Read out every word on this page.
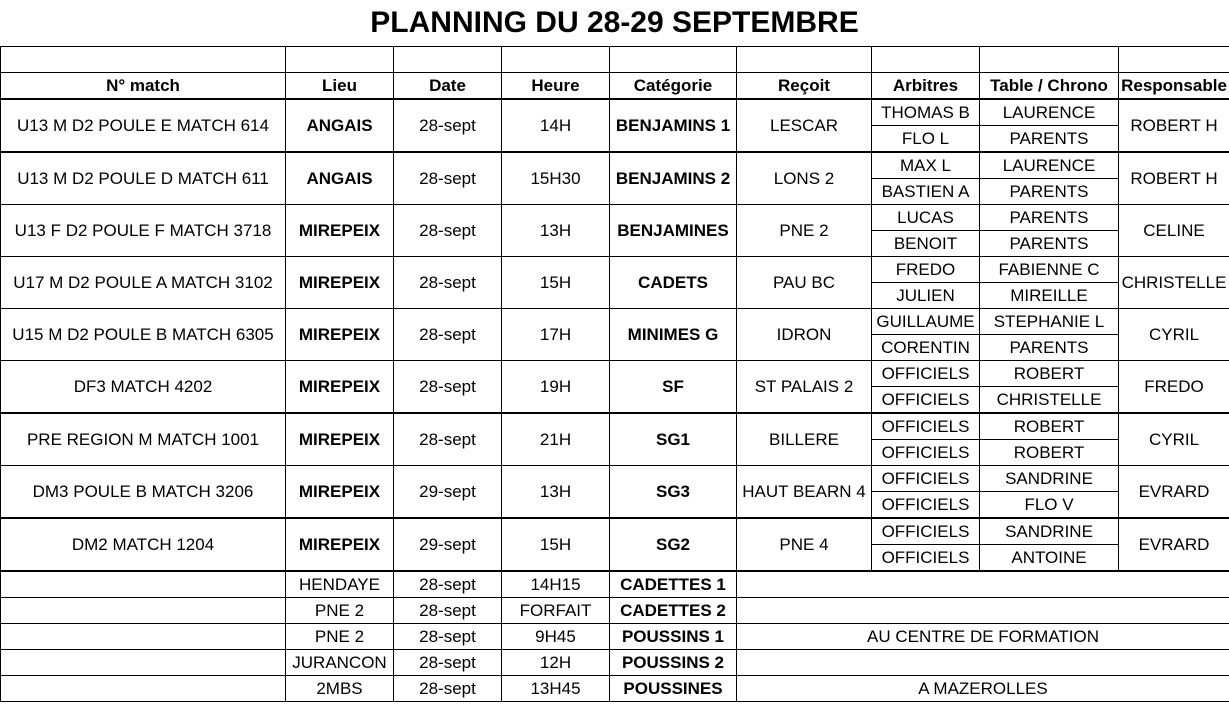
PLANNING DU 28-29 SEPTEMBRE

N° match	Lieu	Date	Heure	Catégorie	Reçoit	Arbitres	Table / Chrono	Responsable
U13 M D2 POULE E MATCH 614	ANGAIS	28-sept	14H	BENJAMINS 1	LESCAR	THOMAS B	LAURENCE	ROBERT H
						FLO L	PARENTS	
U13 M D2 POULE D MATCH 611	ANGAIS	28-sept	15H30	BENJAMINS 2	LONS 2	MAX L	LAURENCE	ROBERT H
						BASTIEN A	PARENTS	
U13 F D2 POULE F MATCH 3718	MIREPEIX	28-sept	13H	BENJAMINES	PNE 2	LUCAS	PARENTS	CELINE
						BENOIT	PARENTS	
U17 M D2 POULE A MATCH 3102	MIREPEIX	28-sept	15H	CADETS	PAU BC	FREDO	FABIENNE C	CHRISTELLE
						JULIEN	MIREILLE	
U15 M D2 POULE B MATCH 6305	MIREPEIX	28-sept	17H	MINIMES G	IDRON	GUILLAUME	STEPHANIE L	CYRIL
						CORENTIN	PARENTS	
DF3 MATCH 4202	MIREPEIX	28-sept	19H	SF	ST PALAIS 2	OFFICIELS	ROBERT	FREDO
						OFFICIELS	CHRISTELLE	
PRE REGION M MATCH 1001	MIREPEIX	28-sept	21H	SG1	BILLERE	OFFICIELS	ROBERT	CYRIL
						OFFICIELS	ROBERT	
DM3 POULE B MATCH 3206	MIREPEIX	29-sept	13H	SG3	HAUT BEARN 4	OFFICIELS	SANDRINE	EVRARD
						OFFICIELS	FLO V	
DM2 MATCH 1204	MIREPEIX	29-sept	15H	SG2	PNE 4	OFFICIELS	SANDRINE	EVRARD
						OFFICIELS	ANTOINE	
	HENDAYE	28-sept	14H15	CADETTES 1				
	PNE 2	28-sept	FORFAIT	CADETTES 2				
	PNE 2	28-sept	9H45	POUSSINS 1	AU CENTRE DE FORMATION			
	JURANCON	28-sept	12H	POUSSINS 2				
	2MBS	28-sept	13H45	POUSSINES	A MAZEROLLES			
